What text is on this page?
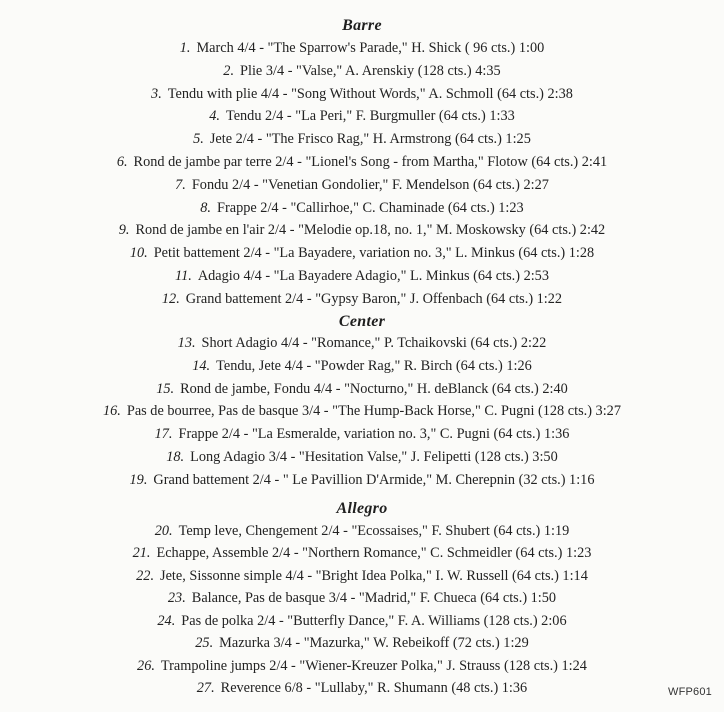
Barre
1. March 4/4 - "The Sparrow's Parade," H. Shick ( 96 cts.) 1:00
2. Plie 3/4 - "Valse," A. Arenskiy (128 cts.) 4:35
3. Tendu with plie 4/4 - "Song Without Words," A. Schmoll (64 cts.) 2:38
4. Tendu 2/4 - "La Peri," F. Burgmuller (64 cts.) 1:33
5. Jete 2/4 - "The Frisco Rag," H. Armstrong (64 cts.) 1:25
6. Rond de jambe par terre 2/4 - "Lionel's Song - from Martha," Flotow (64 cts.) 2:41
7. Fondu 2/4 - "Venetian Gondolier," F. Mendelson (64 cts.) 2:27
8. Frappe 2/4 - "Callirhoe," C. Chaminade (64 cts.) 1:23
9. Rond de jambe en l'air 2/4 - "Melodie op.18, no. 1," M. Moskowsky (64 cts.) 2:42
10. Petit battement 2/4 - "La Bayadere, variation no. 3," L. Minkus (64 cts.) 1:28
11. Adagio 4/4 - "La Bayadere Adagio," L. Minkus (64 cts.) 2:53
12. Grand battement 2/4 - "Gypsy Baron," J. Offenbach (64 cts.) 1:22
Center
13. Short Adagio 4/4 - "Romance," P. Tchaikovski (64 cts.) 2:22
14. Tendu, Jete 4/4 - "Powder Rag," R. Birch (64 cts.) 1:26
15. Rond de jambe, Fondu 4/4 - "Nocturno," H. deBlanck (64 cts.) 2:40
16. Pas de bourree, Pas de basque 3/4 - "The Hump-Back Horse," C. Pugni (128 cts.) 3:27
17. Frappe 2/4 - "La Esmeralde, variation no. 3," C. Pugni (64 cts.) 1:36
18. Long Adagio 3/4 - "Hesitation Valse," J. Felipetti (128 cts.) 3:50
19. Grand battement 2/4 - " Le Pavillion D'Armide," M. Cherepnin (32 cts.) 1:16
Allegro
20. Temp leve, Chengement 2/4 - "Ecossaises," F. Shubert (64 cts.) 1:19
21. Echappe, Assemble 2/4 - "Northern Romance," C. Schmeidler (64 cts.) 1:23
22. Jete, Sissonne simple 4/4 - "Bright Idea Polka," I. W. Russell (64 cts.) 1:14
23. Balance, Pas de basque 3/4 - "Madrid," F. Chueca (64 cts.) 1:50
24. Pas de polka 2/4 - "Butterfly Dance," F. A. Williams (128 cts.) 2:06
25. Mazurka 3/4 - "Mazurka," W. Rebeikoff (72 cts.) 1:29
26. Trampoline jumps 2/4 - "Wiener-Kreuzer Polka," J. Strauss (128 cts.) 1:24
27. Reverence 6/8 - "Lullaby," R. Shumann (48 cts.) 1:36	WFP601
